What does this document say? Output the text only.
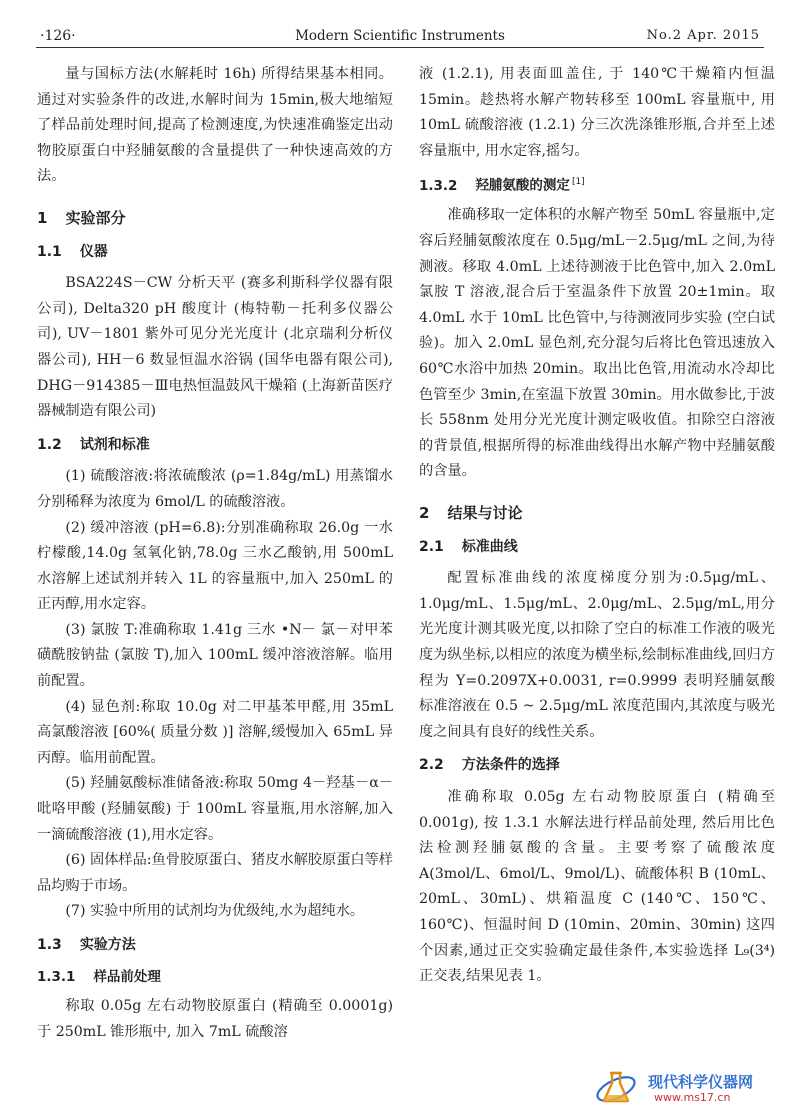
·126·	Modern Scientific Instruments	No.2 Apr. 2015

量与国标方法(水解耗时 16h) 所得结果基本相同。通过对实验条件的改进,水解时间为 15min,极大地缩短了样品前处理时间,提高了检测速度,为快速准确鉴定出动物胶原蛋白中羟脯氨酸的含量提供了一种快速高效的方法。

1 实验部分
1.1 仪器

BSA224S－CW 分析天平 (赛多利斯科学仪器有限公司), Delta320 pH 酸度计 (梅特勒－托利多仪器公司), UV－1801 紫外可见分光光度计 (北京瑞利分析仪器公司), HH－6 数显恒温水浴锅 (国华电器有限公司), DHG－914385－Ⅲ电热恒温鼓风干燥箱 (上海新苗医疗器械制造有限公司)

1.2 试剂和标准

(1) 硫酸溶液:将浓硫酸浓 (ρ=1.84g/mL) 用蒸馏水分别稀释为浓度为 6mol/L 的硫酸溶液。

(2) 缓冲溶液 (pH=6.8):分别准确称取 26.0g 一水柠檬酸,14.0g 氢氧化钠,78.0g 三水乙酸钠,用 500mL 水溶解上述试剂并转入 1L 的容量瓶中,加入 250mL 的正丙醇,用水定容。

(3) 氯胺 T:准确称取 1.41g 三水 •N－ 氯－对甲苯磺酰胺钠盐 (氯胺 T),加入 100mL 缓冲溶液溶解。临用前配置。

(4) 显色剂:称取 10.0g 对二甲基苯甲醛,用 35mL 高氯酸溶液 [60%( 质量分数 )] 溶解,缓慢加入 65mL 异丙醇。临用前配置。

(5) 羟脯氨酸标准储备液:称取 50mg 4－羟基－α－吡咯甲酸 (羟脯氨酸) 于 100mL 容量瓶,用水溶解,加入一滴硫酸溶液 (1),用水定容。

(6) 固体样品:鱼骨胶原蛋白、猪皮水解胶原蛋白等样品均购于市场。

(7) 实验中所用的试剂均为优级纯,水为超纯水。

1.3 实验方法
1.3.1 样品前处理

称取 0.05g 左右动物胶原蛋白 (精确至 0.0001g) 于 250mL 锥形瓶中, 加入 7mL 硫酸溶

液 (1.2.1), 用表面皿盖住, 于 140℃干燥箱内恒温 15min。趁热将水解产物转移至 100mL 容量瓶中, 用 10mL 硫酸溶液 (1.2.1) 分三次洗涤锥形瓶,合并至上述容量瓶中, 用水定容,摇匀。

1.3.2 羟脯氨酸的测定 [1]

准确移取一定体积的水解产物至 50mL 容量瓶中,定容后羟脯氨酸浓度在 0.5μg/mL－2.5μg/mL 之间,为待测液。移取 4.0mL 上述待测液于比色管中,加入 2.0mL 氯胺 T 溶液,混合后于室温条件下放置 20±1min。取 4.0mL 水于 10mL 比色管中,与待测液同步实验 (空白试验)。加入 2.0mL 显色剂,充分混匀后将比色管迅速放入 60℃水浴中加热 20min。取出比色管,用流动水冷却比色管至少 3min,在室温下放置 30min。用水做参比,于波长 558nm 处用分光光度计测定吸收值。扣除空白溶液的背景值,根据所得的标准曲线得出水解产物中羟脯氨酸的含量。

2 结果与讨论
2.1 标准曲线

配置标准曲线的浓度梯度分别为:0.5μg/mL、1.0μg/mL、1.5μg/mL、2.0μg/mL、2.5μg/mL,用分光光度计测其吸光度,以扣除了空白的标准工作液的吸光度为纵坐标,以相应的浓度为横坐标,绘制标准曲线,回归方程为 Y=0.2097X+0.0031, r=0.9999 表明羟脯氨酸标准溶液在 0.5 ~ 2.5μg/mL 浓度范围内,其浓度与吸光度之间具有良好的线性关系。

2.2 方法条件的选择

准确称取 0.05g 左右动物胶原蛋白 (精确至 0.001g), 按 1.3.1 水解法进行样品前处理, 然后用比色法检测羟脯氨酸的含量。主要考察了硫酸浓度 A(3mol/L、6mol/L、9mol/L)、硫酸体积 B (10mL、20mL、30mL)、烘箱温度 C (140℃、150℃、160℃)、恒温时间 D (10min、20min、30min) 这四个因素,通过正交实验确定最佳条件,本实验选择 L₉(3⁴) 正交表,结果见表 1。

现代科学仪器网
www.ms17.cn
